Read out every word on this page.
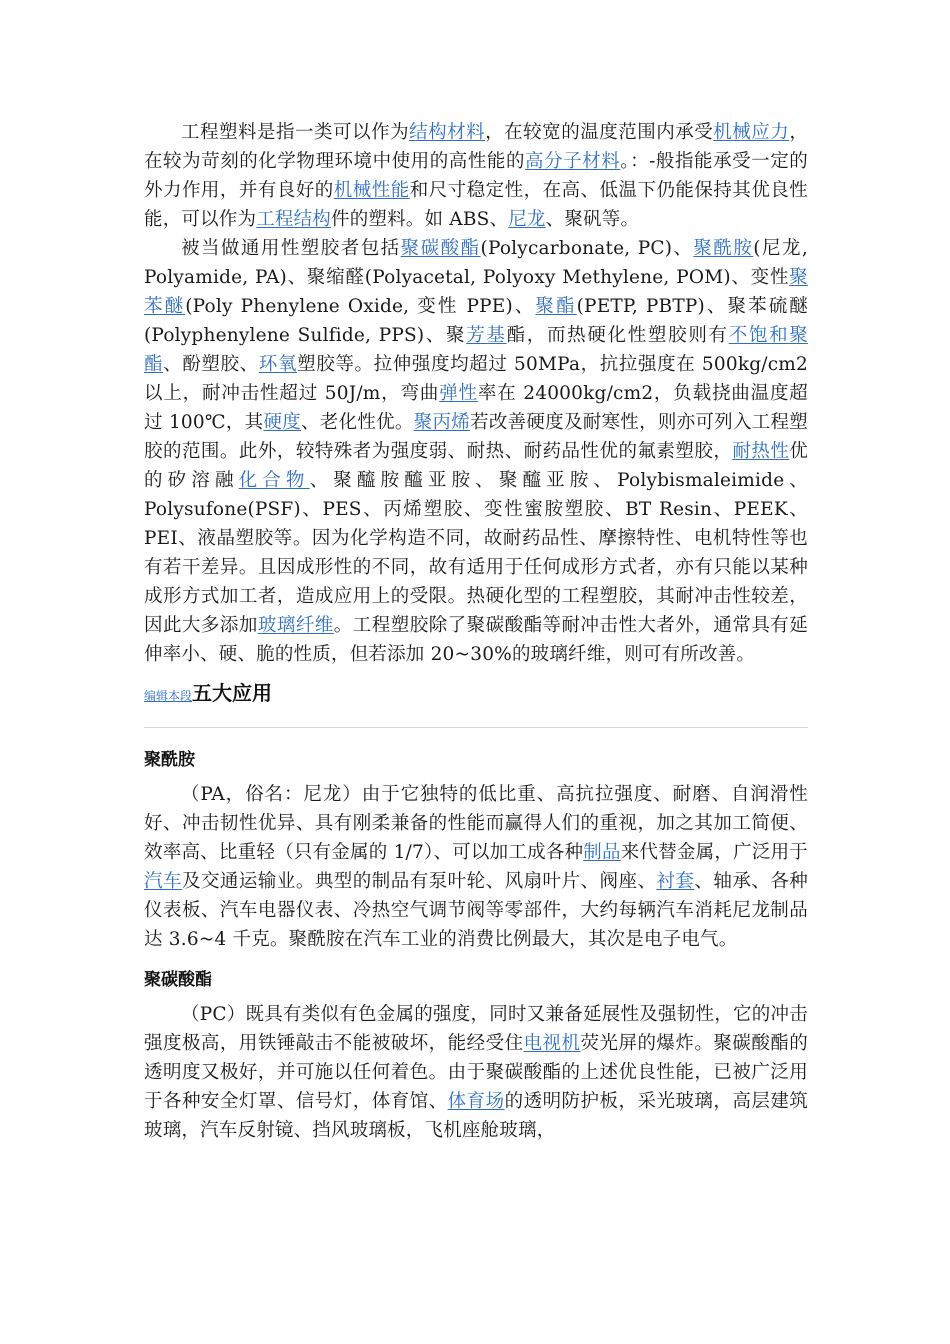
工程塑料是指一类可以作为结构材料，在较宽的温度范围内承受机械应力，在较为苛刻的化学物理环境中使用的高性能的高分子材料。：-般指能承受一定的外力作用，并有良好的机械性能和尺寸稳定性，在高、低温下仍能保持其优良性能，可以作为工程结构件的塑料。如 ABS、尼龙、聚矾等。

被当做通用性塑胶者包括聚碳酸酯(Polycarbonate, PC)、聚酰胺(尼龙, Polyamide, PA)、聚缩醛(Polyacetal, Polyoxy Methylene, POM)、变性聚苯醚(Poly Phenylene Oxide, 变性 PPE)、聚酯(PETP, PBTP)、聚苯硫醚(Polyphenylene Sulfide, PPS)、聚芳基酯，而热硬化性塑胶则有不饱和聚酯、酚塑胶、环氧塑胶等。拉伸强度均超过 50MPa，抗拉强度在 500kg/cm2 以上，耐冲击性超过 50J/m，弯曲弹性率在 24000kg/cm2，负载挠曲温度超过 100℃，其硬度、老化性优。聚丙烯若改善硬度及耐寒性，则亦可列入工程塑胶的范围。此外，较特殊者为强度弱、耐热、耐药品性优的氟素塑胶，耐热性优的矽溶融化合物、聚醯胺醯亚胺、聚醯亚胺、Polybismaleimide、Polysufone(PSF)、PES、丙烯塑胶、变性蜜胺塑胶、BT Resin、PEEK、PEI、液晶塑胶等。因为化学构造不同，故耐药品性、摩擦特性、电机特性等也有若干差异。且因成形性的不同，故有适用于任何成形方式者，亦有只能以某种成形方式加工者，造成应用上的受限。热硬化型的工程塑胶，其耐冲击性较差，因此大多添加玻璃纤维。工程塑胶除了聚碳酸酯等耐冲击性大者外，通常具有延伸率小、硬、脆的性质，但若添加 20~30%的玻璃纤维，则可有所改善。

编辑本段五大应用
聚酰胺

（PA，俗名：尼龙）由于它独特的低比重、高抗拉强度、耐磨、自润滑性好、冲击韧性优异、具有刚柔兼备的性能而赢得人们的重视，加之其加工简便、效率高、比重轻（只有金属的 1/7）、可以加工成各种制品来代替金属，广泛用于汽车及交通运输业。典型的制品有泵叶轮、风扇叶片、阀座、衬套、轴承、各种仪表板、汽车电器仪表、冷热空气调节阀等零部件，大约每辆汽车消耗尼龙制品达 3.6~4 千克。聚酰胺在汽车工业的消费比例最大，其次是电子电气。

聚碳酸酯

（PC）既具有类似有色金属的强度，同时又兼备延展性及强韧性，它的冲击强度极高，用铁锤敲击不能被破坏，能经受住电视机荧光屏的爆炸。聚碳酸酯的透明度又极好，并可施以任何着色。由于聚碳酸酯的上述优良性能，已被广泛用于各种安全灯罩、信号灯，体育馆、体育场的透明防护板，采光玻璃，高层建筑玻璃，汽车反射镜、挡风玻璃板，飞机座舱玻璃，
